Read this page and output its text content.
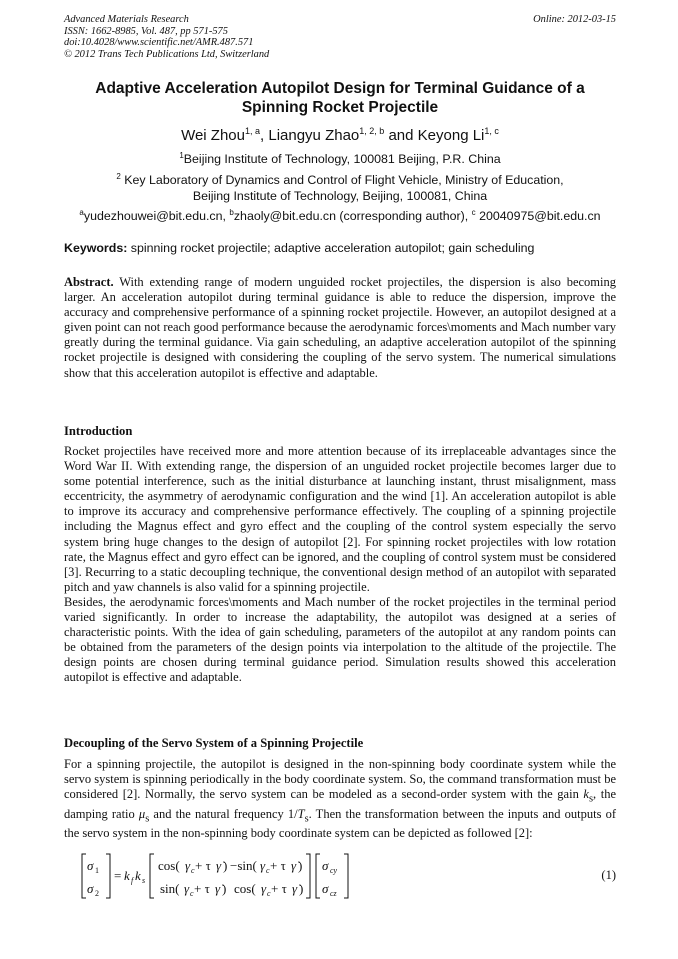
Advanced Materials Research
ISSN: 1662-8985, Vol. 487, pp 571-575
doi:10.4028/www.scientific.net/AMR.487.571
© 2012 Trans Tech Publications Ltd, Switzerland
Online: 2012-03-15
Adaptive Acceleration Autopilot Design for Terminal Guidance of a
Spinning Rocket Projectile
Wei Zhou$^{1, a}$, Liangyu Zhao$^{1, 2, b}$ and Keyong Li$^{1, c}$
$^1$Beijing Institute of Technology, 100081 Beijing, P.R. China
$^2$ Key Laboratory of Dynamics and Control of Flight Vehicle, Ministry of Education,
Beijing Institute of Technology, Beijing, 100081, China
$^a$yudezhouwei@bit.edu.cn, $^b$zhaoly@bit.edu.cn (corresponding author), $^c$ 20040975@bit.edu.cn
Keywords: spinning rocket projectile; adaptive acceleration autopilot; gain scheduling

Abstract. With extending range of modern unguided rocket projectiles, the dispersion is also becoming larger. An acceleration autopilot during terminal guidance is able to reduce the dispersion, improve the accuracy and comprehensive performance of a spinning rocket projectile. However, an autopilot designed at a given point can not reach good performance because the aerodynamic forces\moments and Mach number vary greatly during the terminal guidance. Via gain scheduling, an adaptive acceleration autopilot of the spinning rocket projectile is designed with considering the coupling of the servo system. The numerical simulations show that this acceleration autopilot is effective and adaptable.

Introduction

Rocket projectiles have received more and more attention because of its irreplaceable advantages since the Word War II. With extending range, the dispersion of an unguided rocket projectile becomes larger due to some potential interference, such as the initial disturbance at launching instant, thrust misalignment, mass eccentricity, the asymmetry of aerodynamic configuration and the wind [1]. An acceleration autopilot is able to improve its accuracy and comprehensive performance effectively. The coupling of a spinning projectile including the Magnus effect and gyro effect and the coupling of the control system especially the servo system bring huge changes to the design of autopilot [2]. For spinning rocket projectiles with low rotation rate, the Magnus effect and gyro effect can be ignored, and the coupling of control system must be considered [3]. Recurring to a static decoupling technique, the conventional design method of an autopilot with separated pitch and yaw channels is also valid for a spinning projectile.

Besides, the aerodynamic forces\moments and Mach number of the rocket projectiles in the terminal period varied significantly. In order to increase the adaptability, the autopilot was designed at a series of characteristic points. With the idea of gain scheduling, parameters of the autopilot at any random points can be obtained from the parameters of the design points via interpolation to the altitude of the projectile. The design points are chosen during terminal guidance period. Simulation results showed this acceleration autopilot is effective and adaptable.

Decoupling of the Servo System of a Spinning Projectile

For a spinning projectile, the autopilot is designed in the non-spinning body coordinate system while the servo system is spinning periodically in the body coordinate system. So, the command transformation must be considered [2]. Normally, the servo system can be modeled as a second-order system with the gain $k_s$, the damping ratio $\mu_s$ and the natural frequency $1/T_s$. Then the transformation between the inputs and outputs of the servo system in the non-spinning body coordinate system can be depicted as followed [2]:

σ 1
σ 2
= k f k s
cos( γ c + τ γ̇ ) −sin( γ c + τ γ̇ )
sin( γ c + τ γ̇ ) cos( γ c + τ γ̇ )
σ cy
σ cz
(1)
